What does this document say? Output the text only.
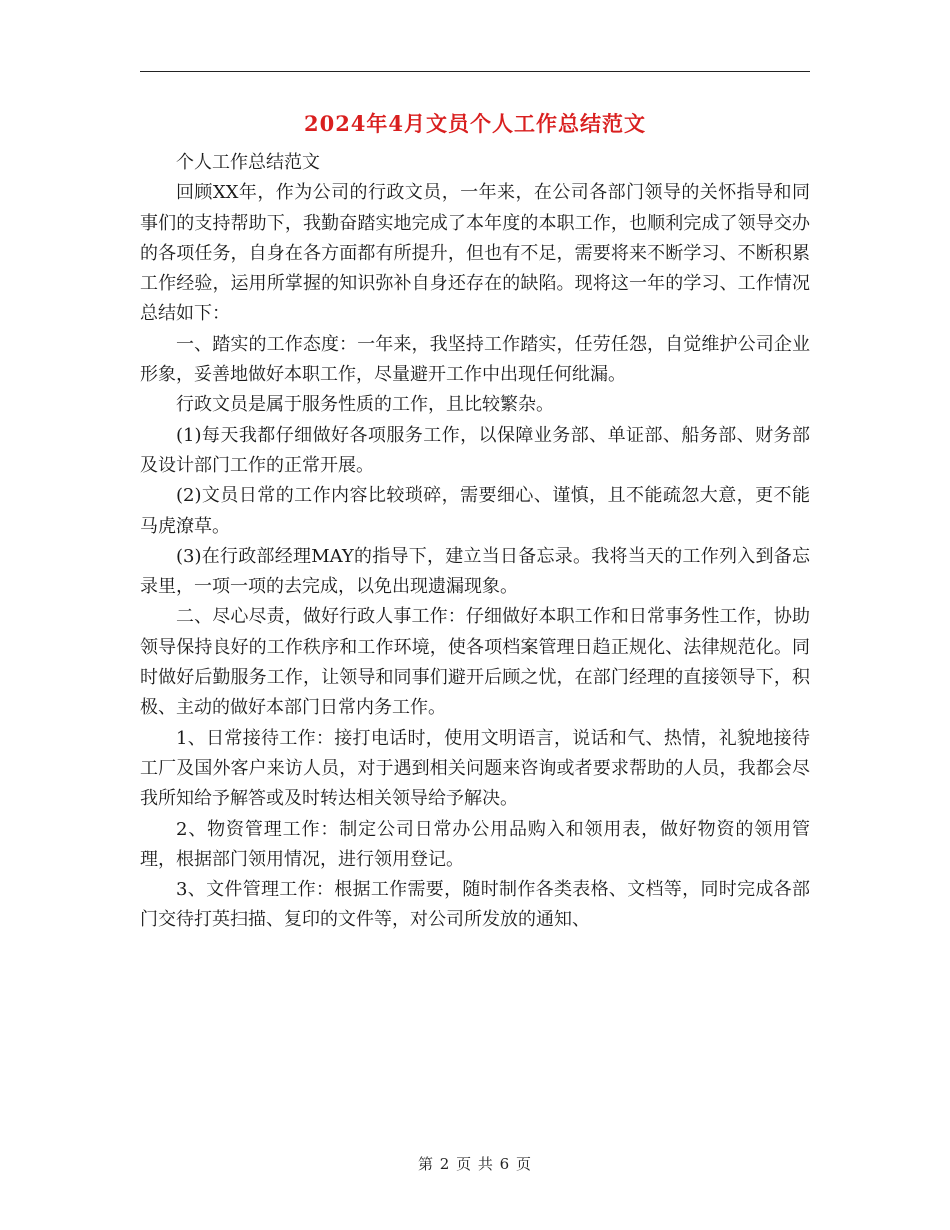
2024年4月文员个人工作总结范文

个人工作总结范文

回顾XX年，作为公司的行政文员，一年来，在公司各部门领导的关怀指导和同事们的支持帮助下，我勤奋踏实地完成了本年度的本职工作，也顺利完成了领导交办的各项任务，自身在各方面都有所提升，但也有不足，需要将来不断学习、不断积累工作经验，运用所掌握的知识弥补自身还存在的缺陷。现将这一年的学习、工作情况总结如下：

一、踏实的工作态度：一年来，我坚持工作踏实，任劳任怨，自觉维护公司企业形象，妥善地做好本职工作，尽量避开工作中出现任何纰漏。

行政文员是属于服务性质的工作，且比较繁杂。

(1)每天我都仔细做好各项服务工作，以保障业务部、单证部、船务部、财务部及设计部门工作的正常开展。

(2)文员日常的工作内容比较琐碎，需要细心、谨慎，且不能疏忽大意，更不能马虎潦草。

(3)在行政部经理MAY的指导下，建立当日备忘录。我将当天的工作列入到备忘录里，一项一项的去完成，以免出现遗漏现象。

二、尽心尽责，做好行政人事工作：仔细做好本职工作和日常事务性工作，协助领导保持良好的工作秩序和工作环境，使各项档案管理日趋正规化、法律规范化。同时做好后勤服务工作，让领导和同事们避开后顾之忧，在部门经理的直接领导下，积极、主动的做好本部门日常内务工作。

1、日常接待工作：接打电话时，使用文明语言，说话和气、热情，礼貌地接待工厂及国外客户来访人员，对于遇到相关问题来咨询或者要求帮助的人员，我都会尽我所知给予解答或及时转达相关领导给予解决。

2、物资管理工作：制定公司日常办公用品购入和领用表，做好物资的领用管理，根据部门领用情况，进行领用登记。

3、文件管理工作：根据工作需要，随时制作各类表格、文档等，同时完成各部门交待打英扫描、复印的文件等，对公司所发放的通知、

第 2 页 共 6 页
